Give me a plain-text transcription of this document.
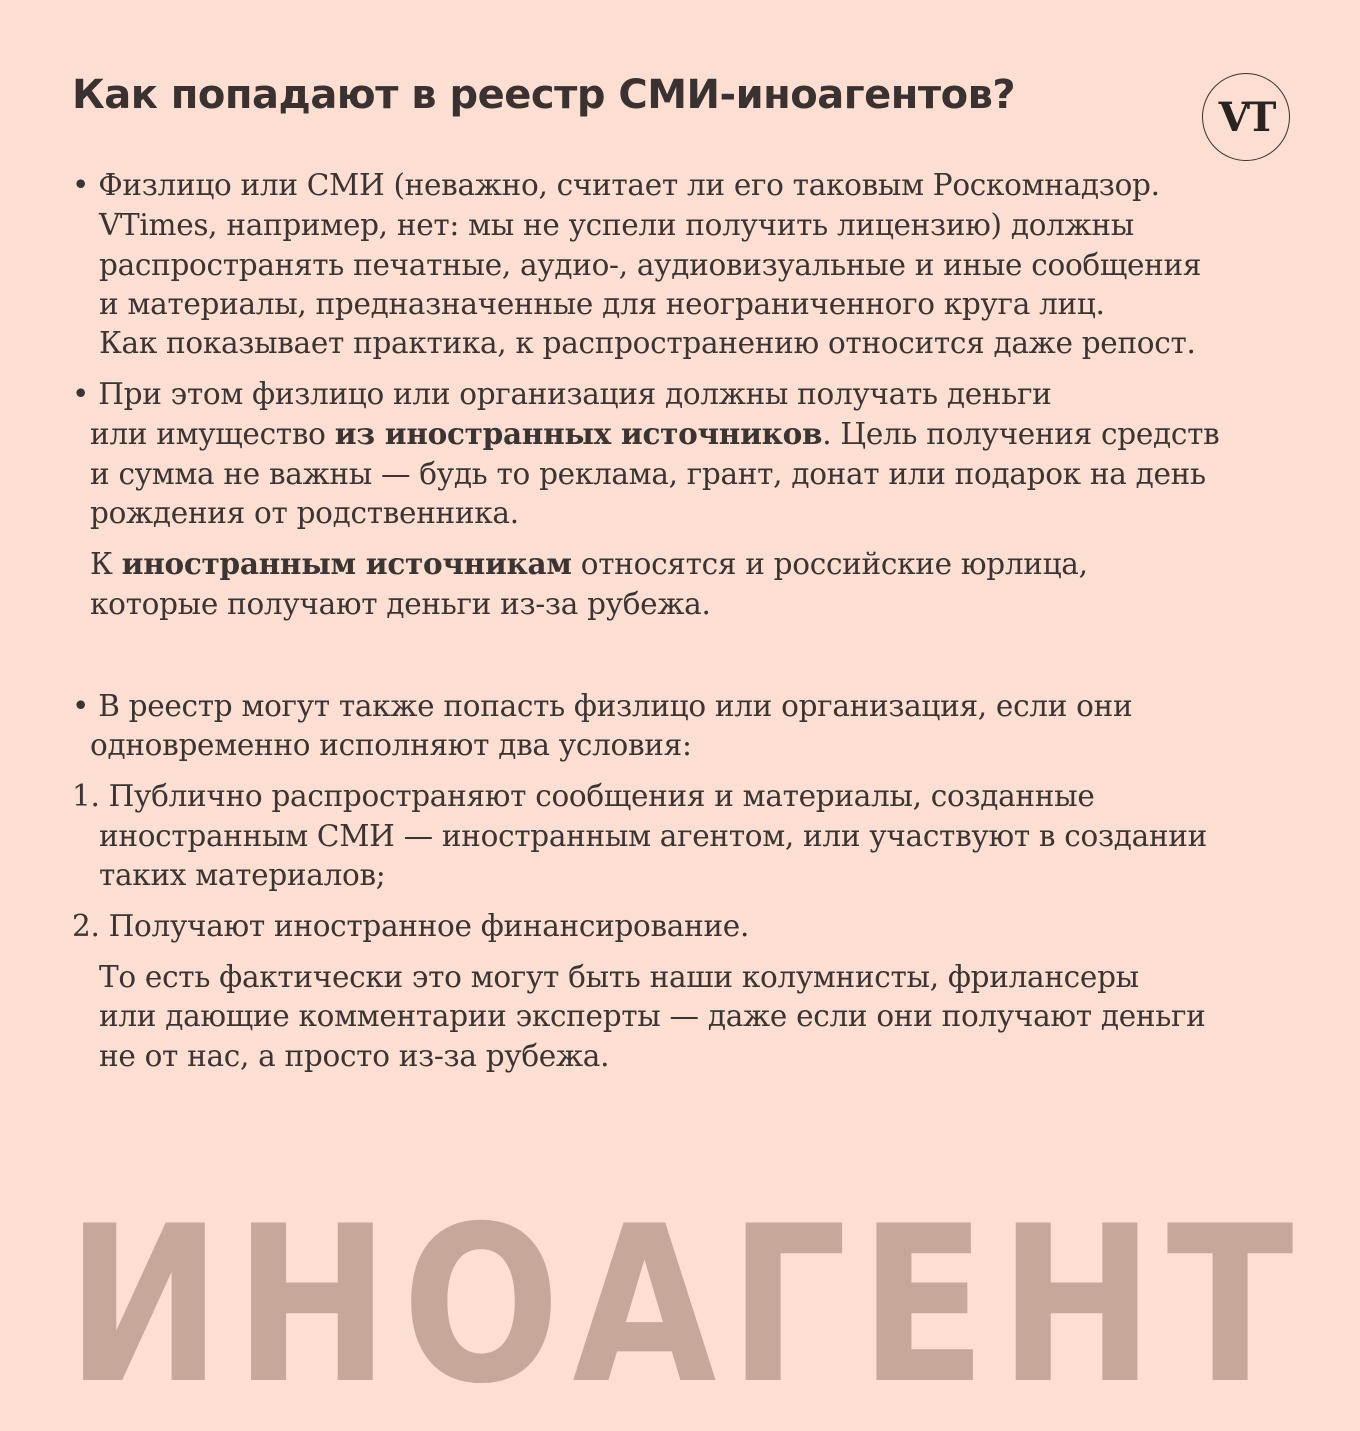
Как попадают в реестр СМИ-иноагентов?	VT
• Физлицо или СМИ (неважно, считает ли его таковым Роскомнадзор.
VTimes, например, нет: мы не успели получить лицензию) должны
распространять печатные, аудио-, аудиовизуальные и иные сообщения
и материалы, предназначенные для неограниченного круга лиц.
Как показывает практика, к распространению относится даже репост.
• При этом физлицо или организация должны получать деньги
или имущество из иностранных источников. Цель получения средств
и сумма не важны — будь то реклама, грант, донат или подарок на день
рождения от родственника.
К иностранным источникам относятся и российские юрлица,
которые получают деньги из-за рубежа.
• В реестр могут также попасть физлицо или организация, если они
одновременно исполняют два условия:
1. Публично распространяют сообщения и материалы, созданные
иностранным СМИ — иностранным агентом, или участвуют в создании
таких материалов;
2. Получают иностранное финансирование.
То есть фактически это могут быть наши колумнисты, фрилансеры
или дающие комментарии эксперты — даже если они получают деньги
не от нас, а просто из-за рубежа.
ИНОАГЕНТ
